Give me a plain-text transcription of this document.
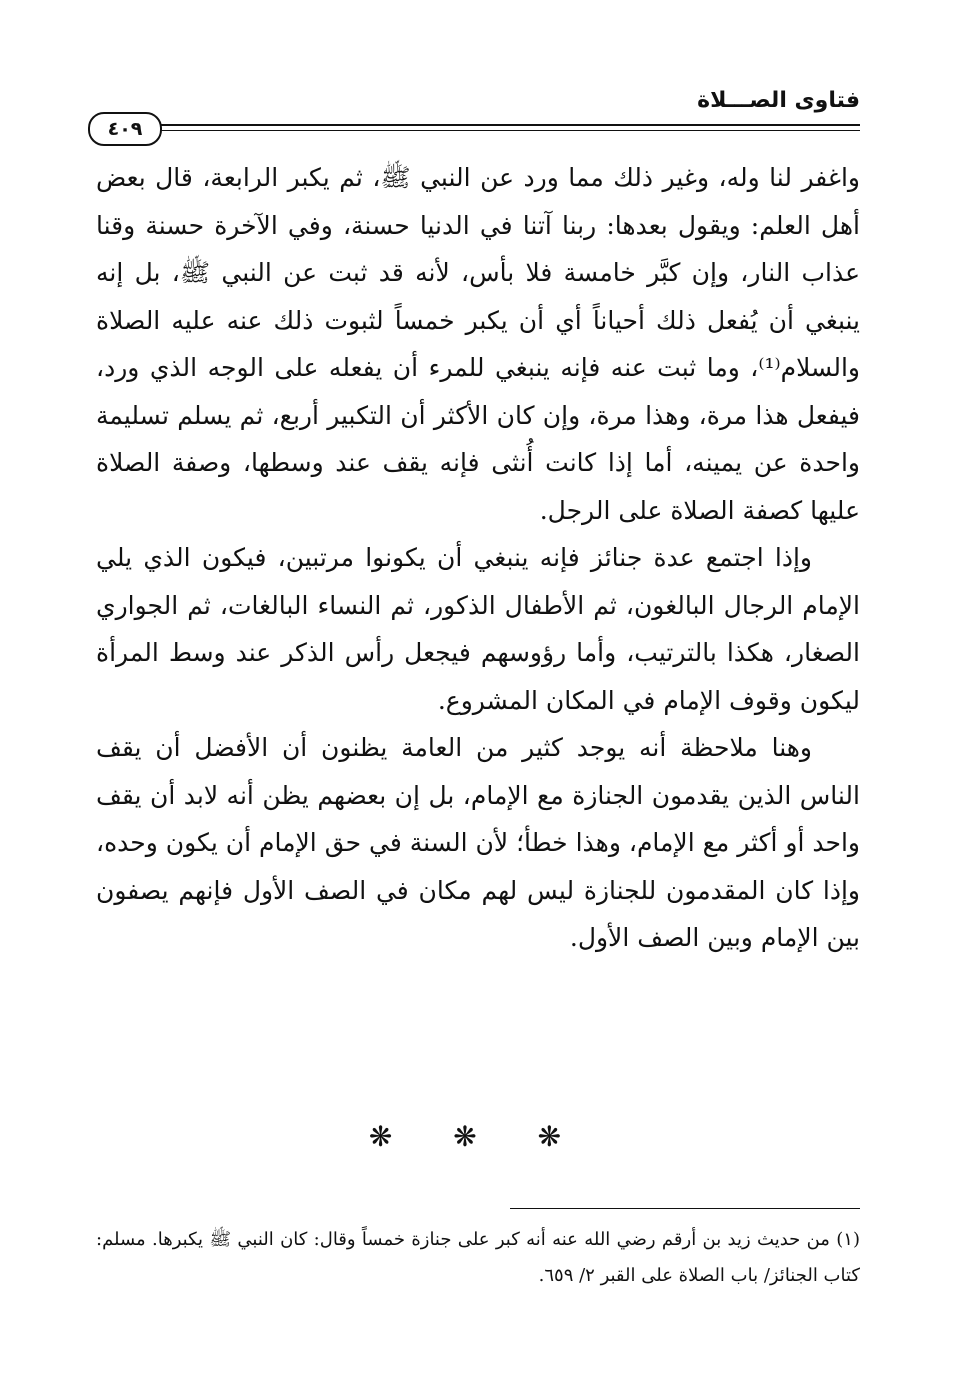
فتاوى الصـــلاة
٤٠٩

واغفر لنا وله، وغير ذلك مما ورد عن النبي ﷺ، ثم يكبر الرابعة، قال بعض أهل العلم: ويقول بعدها: ربنا آتنا في الدنيا حسنة، وفي الآخرة حسنة وقنا عذاب النار، وإن كبَّر خامسة فلا بأس، لأنه قد ثبت عن النبي ﷺ، بل إنه ينبغي أن يُفعل ذلك أحياناً أي أن يكبر خمساً لثبوت ذلك عنه عليه الصلاة والسلام⁽¹⁾، وما ثبت عنه فإنه ينبغي للمرء أن يفعله على الوجه الذي ورد، فيفعل هذا مرة، وهذا مرة، وإن كان الأكثر أن التكبير أربع، ثم يسلم تسليمة واحدة عن يمينه، أما إذا كانت أُنثى فإنه يقف عند وسطها، وصفة الصلاة عليها كصفة الصلاة على الرجل.

وإذا اجتمع عدة جنائز فإنه ينبغي أن يكونوا مرتبين، فيكون الذي يلي الإمام الرجال البالغون، ثم الأطفال الذكور، ثم النساء البالغات، ثم الجواري الصغار، هكذا بالترتيب، وأما رؤوسهم فيجعل رأس الذكر عند وسط المرأة ليكون وقوف الإمام في المكان المشروع.

وهنا ملاحظة أنه يوجد كثير من العامة يظنون أن الأفضل أن يقف الناس الذين يقدمون الجنازة مع الإمام، بل إن بعضهم يظن أنه لابد أن يقف واحد أو أكثر مع الإمام، وهذا خطأ؛ لأن السنة في حق الإمام أن يكون وحده، وإذا كان المقدمون للجنازة ليس لهم مكان في الصف الأول فإنهم يصفون بين الإمام وبين الصف الأول.

❋ ❋ ❋

(١) من حديث زيد بن أرقم رضي الله عنه أنه كبر على جنازة خمساً وقال: كان النبي ﷺ يكبرها. مسلم: كتاب الجنائز/ باب الصلاة على القبر ٢/ ٦٥٩.
